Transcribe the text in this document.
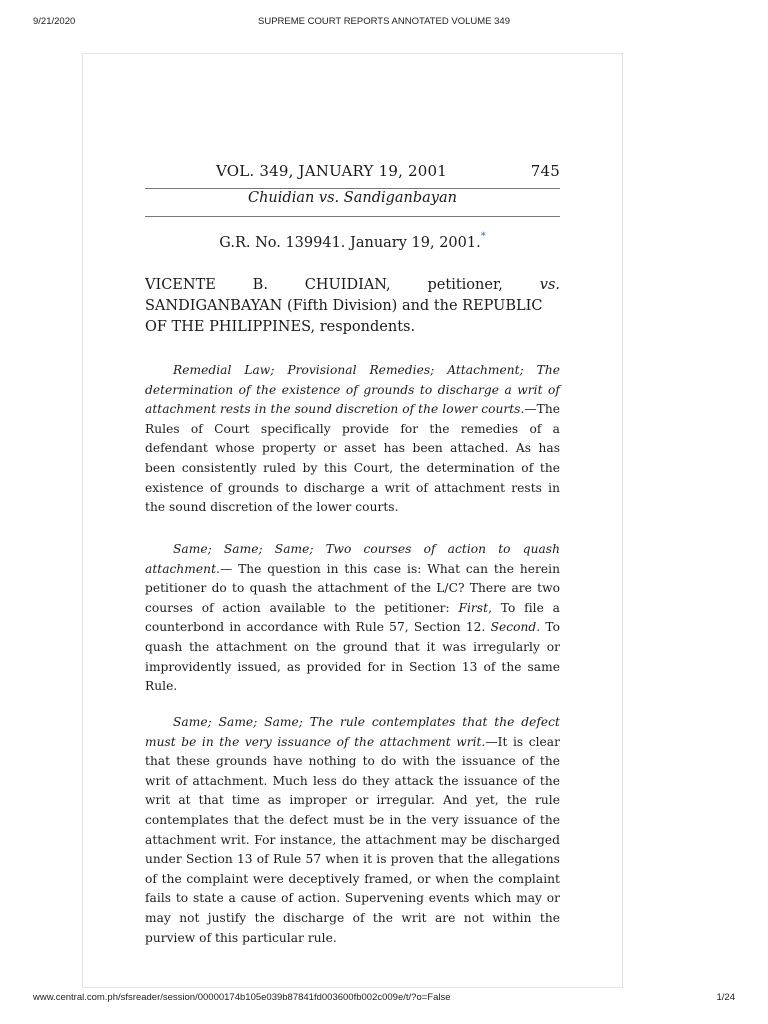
9/21/2020	SUPREME COURT REPORTS ANNOTATED VOLUME 349
VOL. 349, JANUARY 19, 2001	745
Chuidian vs. Sandiganbayan
G.R. No. 139941. January 19, 2001.*
VICENTE	B.	CHUIDIAN,	petitioner,	vs.
SANDIGANBAYAN (Fifth Division) and the REPUBLIC
OF THE PHILIPPINES, respondents.

Remedial Law; Provisional Remedies; Attachment; The determination of the existence of grounds to discharge a writ of attachment rests in the sound discretion of the lower courts.—The Rules of Court specifically provide for the remedies of a defendant whose property or asset has been attached. As has been consistently ruled by this Court, the determination of the existence of grounds to discharge a writ of attachment rests in the sound discretion of the lower courts.

Same; Same; Same; Two courses of action to quash attachment.— The question in this case is: What can the herein petitioner do to quash the attachment of the L/C? There are two courses of action available to the petitioner: First, To file a counterbond in accordance with Rule 57, Section 12. Second. To quash the attachment on the ground that it was irregularly or improvidently issued, as provided for in Section 13 of the same Rule.

Same; Same; Same; The rule contemplates that the defect must be in the very issuance of the attachment writ.—It is clear that these grounds have nothing to do with the issuance of the writ of attachment. Much less do they attack the issuance of the writ at that time as improper or irregular. And yet, the rule contemplates that the defect must be in the very issuance of the attachment writ. For instance, the attachment may be discharged under Section 13 of Rule 57 when it is proven that the allegations of the complaint were deceptively framed, or when the complaint fails to state a cause of action. Supervening events which may or may not justify the discharge of the writ are not within the purview of this particular rule.

www.central.com.ph/sfsreader/session/00000174b105e039b87841fd003600fb002c009e/t/?o=False	1/24
